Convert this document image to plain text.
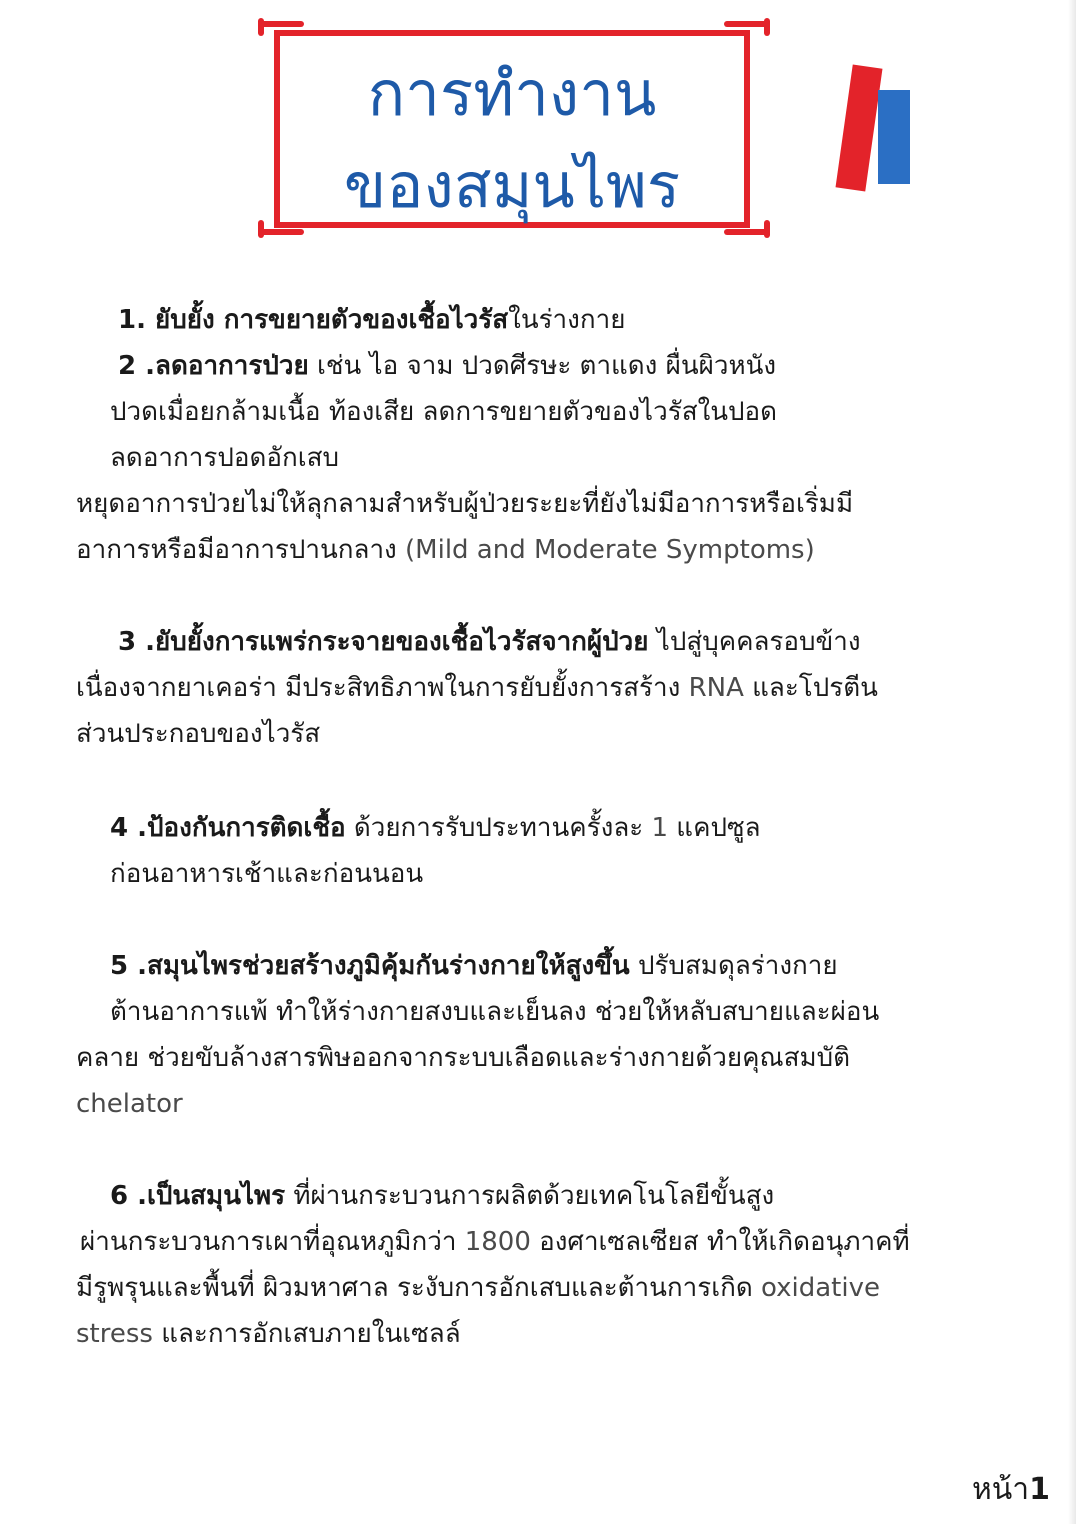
การทำงาน
ของสมุนไพร
1. ยับยั้ง การขยายตัวของเชื้อไวรัสในร่างกาย
2 .ลดอาการป่วย เช่น ไอ จาม ปวดศีรษะ ตาแดง ผื่นผิวหนัง
ปวดเมื่อยกล้ามเนื้อ ท้องเสีย ลดการขยายตัวของไวรัสในปอด
ลดอาการปอดอักเสบ
หยุดอาการป่วยไม่ให้ลุกลามสำหรับผู้ป่วยระยะที่ยังไม่มีอาการหรือเริ่มมี
อาการหรือมีอาการปานกลาง (Mild and Moderate Symptoms)
3 .ยับยั้งการแพร่กระจายของเชื้อไวรัสจากผู้ป่วย ไปสู่บุคคลรอบข้าง
เนื่องจากยาเคอร่า มีประสิทธิภาพในการยับยั้งการสร้าง RNA และโปรตีน
ส่วนประกอบของไวรัส
4 .ป้องกันการติดเชื้อ ด้วยการรับประทานครั้งละ 1 แคปซูล
ก่อนอาหารเช้าและก่อนนอน
5 .สมุนไพรช่วยสร้างภูมิคุ้มกันร่างกายให้สูงขึ้น ปรับสมดุลร่างกาย
ต้านอาการแพ้ ทำให้ร่างกายสงบและเย็นลง ช่วยให้หลับสบายและผ่อน
คลาย ช่วยขับล้างสารพิษออกจากระบบเลือดและร่างกายด้วยคุณสมบัติ
chelator
6 .เป็นสมุนไพร ที่ผ่านกระบวนการผลิตด้วยเทคโนโลยีขั้นสูง
ผ่านกระบวนการเผาที่อุณหภูมิกว่า 1800 องศาเซลเซียส ทำให้เกิดอนุภาคที่
มีรูพรุนและพื้นที่ ผิวมหาศาล ระงับการอักเสบและต้านการเกิด oxidative
stress และการอักเสบภายในเซลล์
หน้า1
